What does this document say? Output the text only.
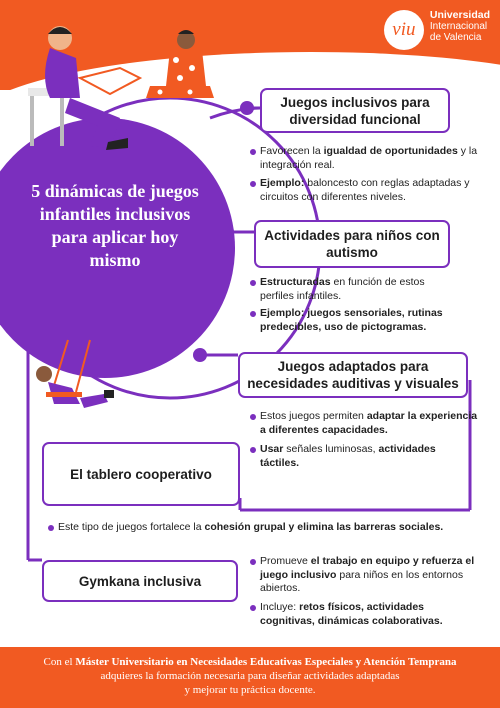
viu
Universidad
Internacional
de Valencia
5 dinámicas de juegos infantiles inclusivos para aplicar hoy mismo
Juegos inclusivos para diversidad funcional
Favorecen la igualdad de oportunidades y la integración real.
Ejemplo: baloncesto con reglas adaptadas y circuitos con diferentes niveles.
Actividades para niños con autismo
Estructuradas en función de estos perfiles infantiles.
Ejemplo: juegos sensoriales, rutinas predecibles, uso de pictogramas.
Juegos adaptados para necesidades auditivas y visuales
Estos juegos permiten adaptar la experiencia a diferentes capacidades.
Usar señales luminosas, actividades táctiles.
El tablero cooperativo
Este tipo de juegos fortalece la cohesión grupal y elimina las barreras sociales.
Gymkana inclusiva
Promueve el trabajo en equipo y refuerza el juego inclusivo para niños en los entornos abiertos.
Incluye: retos físicos, actividades cognitivas, dinámicas colaborativas.
Con el Máster Universitario en Necesidades Educativas Especiales y Atención Temprana
adquieres la formación necesaria para diseñar actividades adaptadas
y mejorar tu práctica docente.
